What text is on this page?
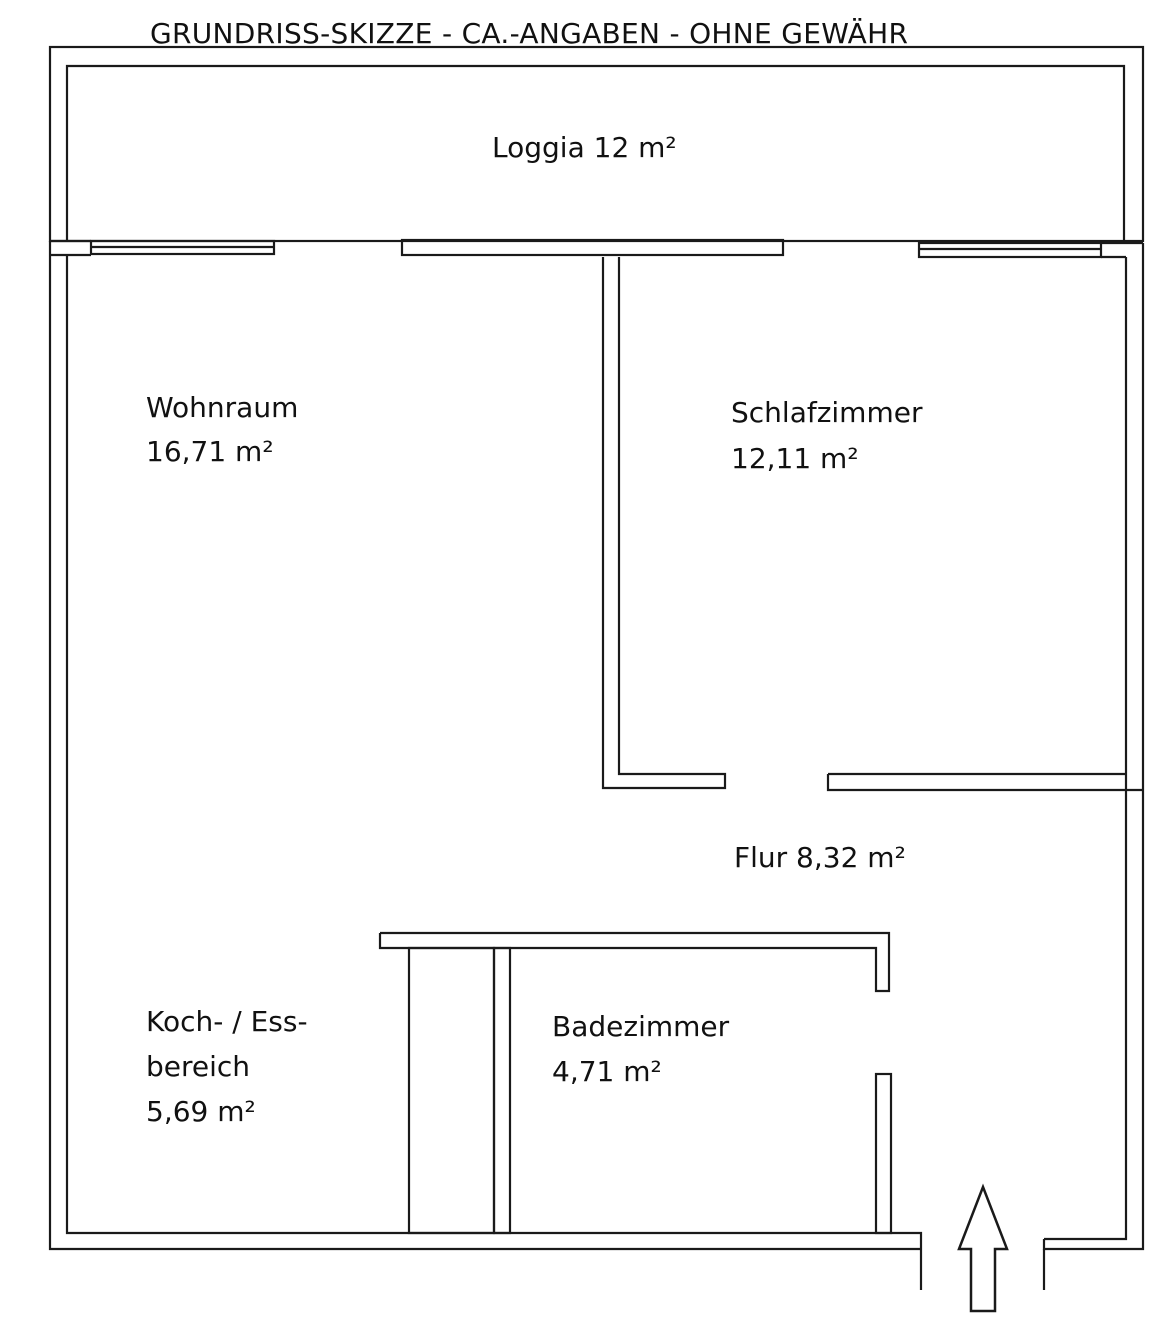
GRUNDRISS-SKIZZE - CA.-ANGABEN - OHNE GEWÄHR
Loggia 12 m²
Wohnraum
16,71 m²
Schlafzimmer
12,11 m²
Flur 8,32 m²
Koch- / Ess-
bereich
5,69 m²
Badezimmer
4,71 m²
